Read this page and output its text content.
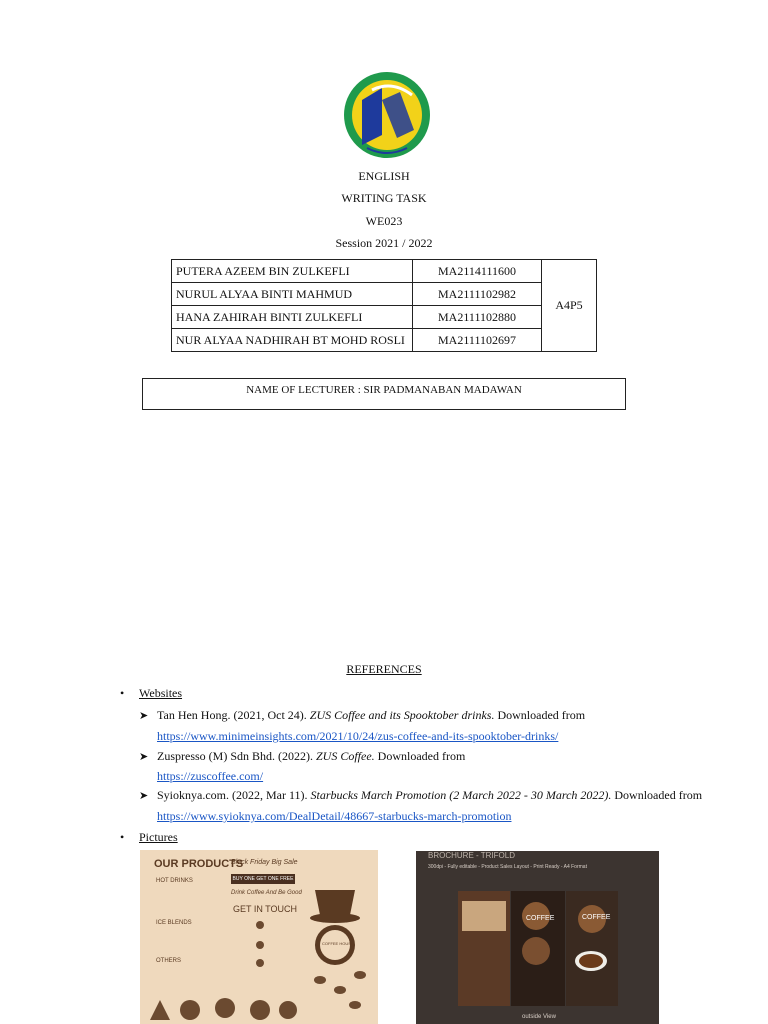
ENGLISH
WRITING TASK
WE023
Session 2021 / 2022
PUTERA AZEEM BIN ZULKEFLI	MA2114111600	A4P5
NURUL ALYAA BINTI MAHMUD	MA2111102982	
HANA ZAHIRAH BINTI ZULKEFLI	MA2111102880	
NUR ALYAA NADHIRAH BT MOHD ROSLI	MA2111102697	
NAME OF LECTURER : SIR PADMANABAN MADAWAN
REFERENCES
• Websites
➤ Tan Hen Hong. (2021, Oct 24). ZUS Coffee and its Spooktober drinks. Downloaded from
https://www.minimeinsights.com/2021/10/24/zus-coffee-and-its-spooktober-drinks/
➤ Zuspresso (M) Sdn Bhd. (2022). ZUS Coffee. Downloaded from
https://zuscoffee.com/
➤ Syioknya.com. (2022, Mar 11). Starbucks March Promotion (2 March 2022 - 30 March 2022). Downloaded from
https://www.syioknya.com/DealDetail/48667-starbucks-march-promotion
• Pictures
OUR PRODUCTS
HOT DRINKS
ICE BLENDS
OTHERS
Black Friday Big Sale
BUY ONE GET ONE FREE
Drink Coffee And Be Good
GET IN TOUCH
COFFEE HOUSE
BROCHURE - TRIFOLD
300dpi - Fully editable - Product Sales Layout - Print Ready - A4 Format
COFFEE	COFFEE
outside View
